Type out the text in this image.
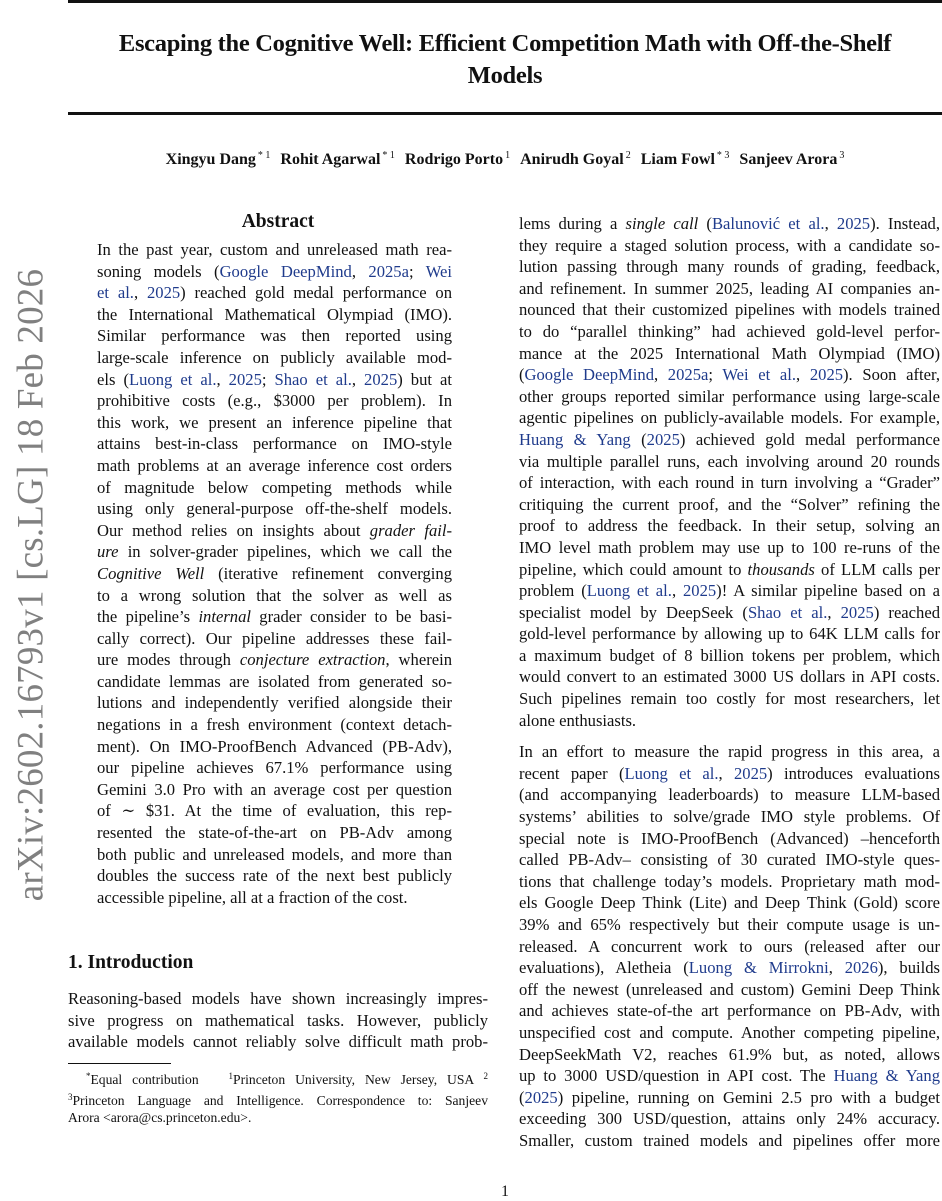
Escaping the Cognitive Well: Efficient Competition Math with Off-the-Shelf
Models
Xingyu Dang $^{* 1}$ Rohit Agarwal $^{* 1}$ Rodrigo Porto $^1$ Anirudh Goyal $^2$ Liam Fowl $^{* 3}$ Sanjeev Arora $^3$
arXiv:2602.16793v1 [cs.LG] 18 Feb 2026
Abstract
In the past year, custom and unreleased math rea-
soning models (Google DeepMind, 2025a; Wei
et al., 2025) reached gold medal performance on
the International Mathematical Olympiad (IMO).
Similar performance was then reported using
large-scale inference on publicly available mod-
els (Luong et al., 2025; Shao et al., 2025) but at
prohibitive costs (e.g., $3000 per problem). In
this work, we present an inference pipeline that
attains best-in-class performance on IMO-style
math problems at an average inference cost orders
of magnitude below competing methods while
using only general-purpose off-the-shelf models.
Our method relies on insights about grader fail-
ure in solver-grader pipelines, which we call the
Cognitive Well (iterative refinement converging
to a wrong solution that the solver as well as
the pipeline’s internal grader consider to be basi-
cally correct). Our pipeline addresses these fail-
ure modes through conjecture extraction, wherein
candidate lemmas are isolated from generated so-
lutions and independently verified alongside their
negations in a fresh environment (context detach-
ment). On IMO-ProofBench Advanced (PB-Adv),
our pipeline achieves 67.1% performance using
Gemini 3.0 Pro with an average cost per question
of ∼ $31. At the time of evaluation, this rep-
resented the state-of-the-art on PB-Adv among
both public and unreleased models, and more than
doubles the success rate of the next best publicly
accessible pipeline, all at a fraction of the cost.
1. Introduction
Reasoning-based models have shown increasingly impres-
sive progress on mathematical tasks. However, publicly
available models cannot reliably solve difficult math prob-
*Equal contribution	$^1$Princeton University, New Jersey, USA $^2$
$^3$Princeton Language and Intelligence. Correspondence to: Sanjeev
Arora <arora@cs.princeton.edu>.

lems during a single call (Balunović et al., 2025). Instead,
they require a staged solution process, with a candidate so-
lution passing through many rounds of grading, feedback,
and refinement. In summer 2025, leading AI companies an-
nounced that their customized pipelines with models trained
to do “parallel thinking” had achieved gold-level perfor-
mance at the 2025 International Math Olympiad (IMO)
(Google DeepMind, 2025a; Wei et al., 2025). Soon after,
other groups reported similar performance using large-scale
agentic pipelines on publicly-available models. For example,
Huang & Yang (2025) achieved gold medal performance
via multiple parallel runs, each involving around 20 rounds
of interaction, with each round in turn involving a “Grader”
critiquing the current proof, and the “Solver” refining the
proof to address the feedback. In their setup, solving an
IMO level math problem may use up to 100 re-runs of the
pipeline, which could amount to thousands of LLM calls per
problem (Luong et al., 2025)! A similar pipeline based on a
specialist model by DeepSeek (Shao et al., 2025) reached
gold-level performance by allowing up to 64K LLM calls for
a maximum budget of 8 billion tokens per problem, which
would convert to an estimated 3000 US dollars in API costs.
Such pipelines remain too costly for most researchers, let
alone enthusiasts.

In an effort to measure the rapid progress in this area, a
recent paper (Luong et al., 2025) introduces evaluations
(and accompanying leaderboards) to measure LLM-based
systems’ abilities to solve/grade IMO style problems. Of
special note is IMO-ProofBench (Advanced) –henceforth
called PB-Adv– consisting of 30 curated IMO-style ques-
tions that challenge today’s models. Proprietary math mod-
els Google Deep Think (Lite) and Deep Think (Gold) score
39% and 65% respectively but their compute usage is un-
released. A concurrent work to ours (released after our
evaluations), Aletheia (Luong & Mirrokni, 2026), builds
off the newest (unreleased and custom) Gemini Deep Think
and achieves state-of-the art performance on PB-Adv, with
unspecified cost and compute. Another competing pipeline,
DeepSeekMath V2, reaches 61.9% but, as noted, allows
up to 3000 USD/question in API cost. The Huang & Yang
(2025) pipeline, running on Gemini 2.5 pro with a budget
exceeding 300 USD/question, attains only 24% accuracy.
Smaller, custom trained models and pipelines offer more

1
